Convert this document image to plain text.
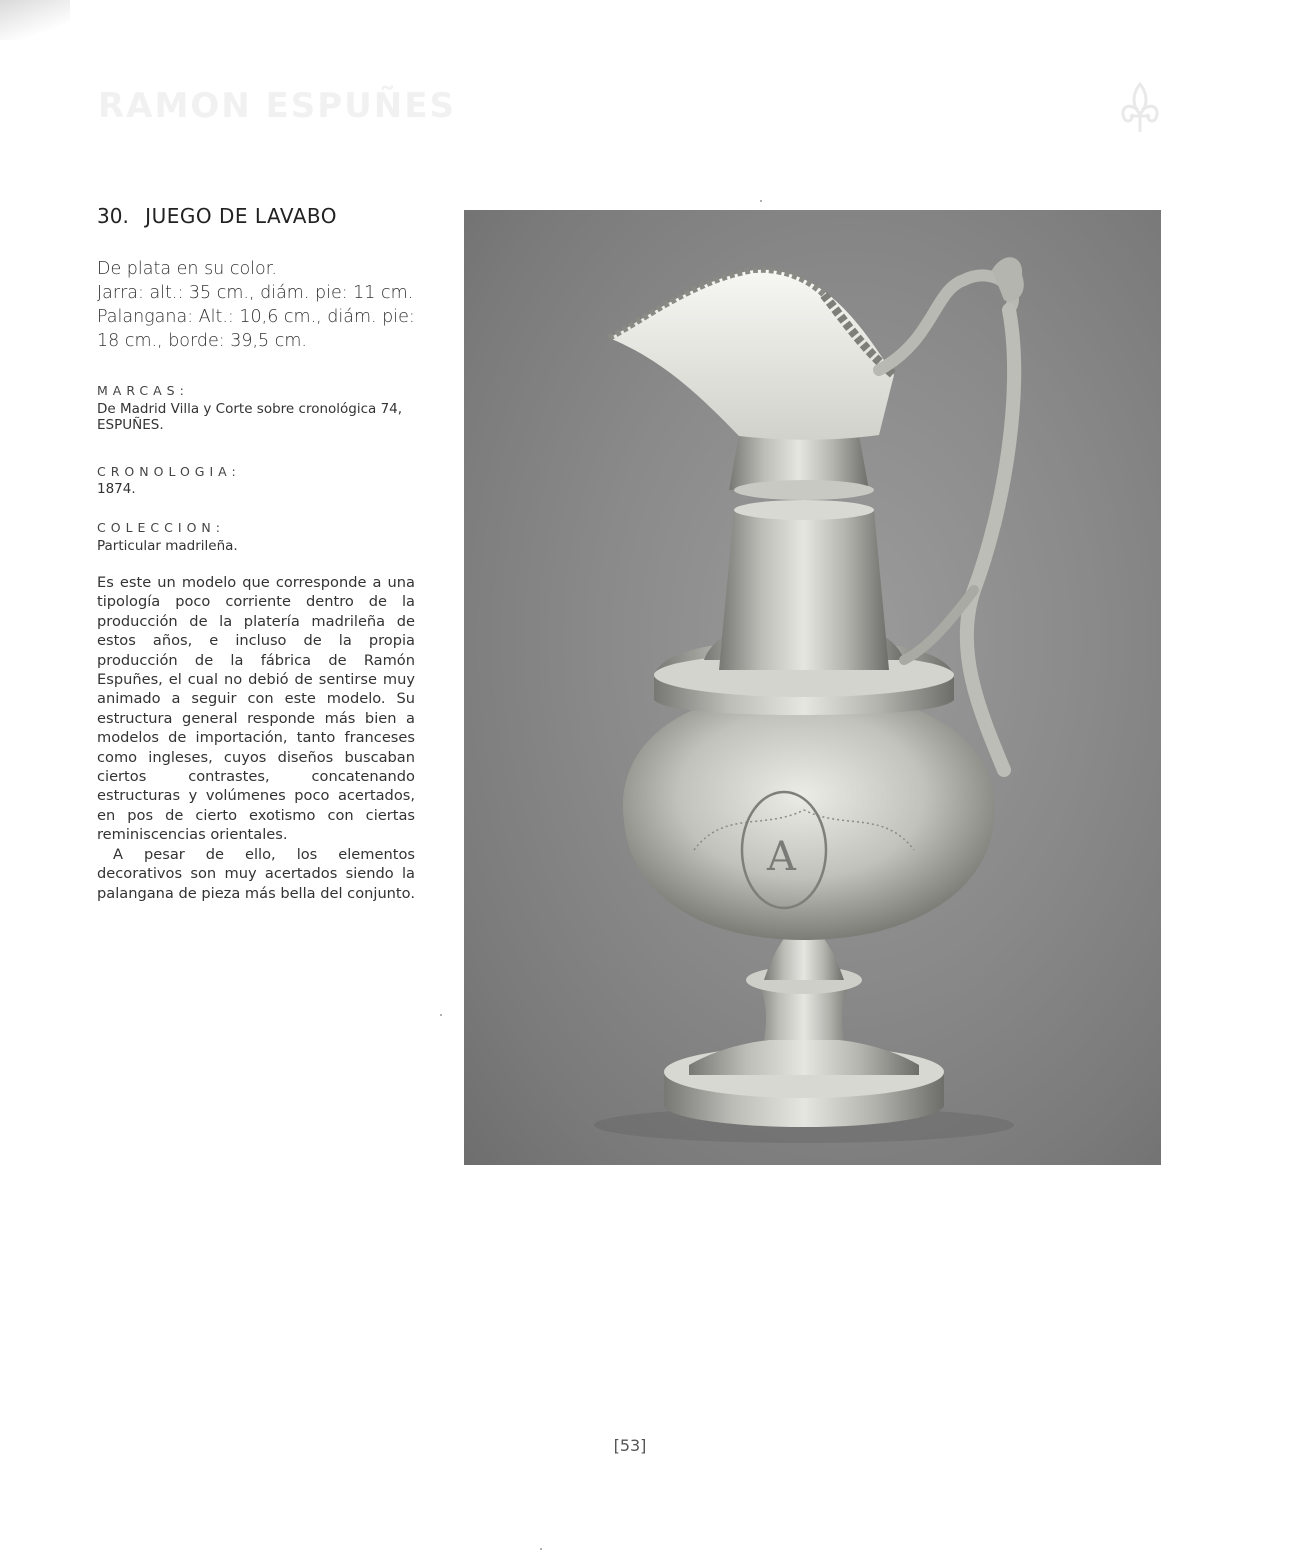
RAMON ESPUÑES
30. JUEGO DE LAVABO
De plata en su color.
Jarra: alt.: 35 cm., diám. pie: 11 cm.
Palangana: Alt.: 10,6 cm., diám. pie:
18 cm., borde: 39,5 cm.
MARCAS:
De Madrid Villa y Corte sobre cronológica 74, ESPUÑES.
CRONOLOGIA:
1874.
COLECCION:
Particular madrileña.

Es este un modelo que corresponde a una tipología poco corriente dentro de la producción de la platería madrileña de estos años, e incluso de la propia producción de la fábrica de Ramón Espuñes, el cual no debió de sentirse muy animado a seguir con este modelo. Su estructura general responde más bien a modelos de importación, tanto franceses como ingleses, cuyos diseños buscaban ciertos contrastes, concatenando estructuras y volúmenes poco acertados, en pos de cierto exotismo con ciertas reminiscencias orientales.

A pesar de ello, los elementos decorativos son muy acertados siendo la palangana de pieza más bella del conjunto.

A
[53]
